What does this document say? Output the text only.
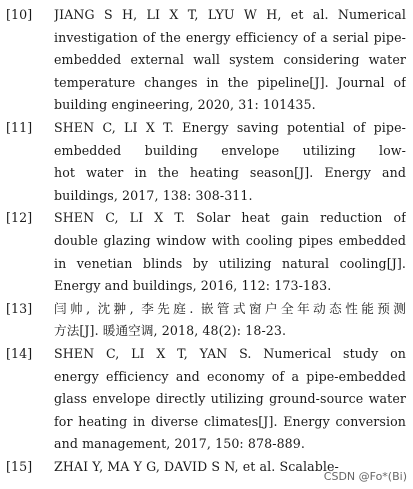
[10] JIANG S H, LI X T, LYU W H, et al. Numerical
investigation of the energy efficiency of a serial pipe-
embedded external wall system considering water
temperature changes in the pipeline[J]. Journal of
building engineering, 2020, 31: 101435.
[11] SHEN C, LI X T. Energy saving potential of pipe-
embedded building envelope utilizing low-
hot water in the heating season[J]. Energy and
buildings, 2017, 138: 308-311.
[12] SHEN C, LI X T. Solar heat gain reduction of
double glazing window with cooling pipes embedded
in venetian blinds by utilizing natural cooling[J].
Energy and buildings, 2016, 112: 173-183.
[13] 闫帅, 沈翀, 李先庭. 嵌管式窗户全年动态性能预测
方法[J]. 暖通空调, 2018, 48(2): 18-23.
[14] SHEN C, LI X T, YAN S. Numerical study on
energy efficiency and economy of a pipe-embedded
glass envelope directly utilizing ground-source water
for heating in diverse climates[J]. Energy conversion
and management, 2017, 150: 878-889.
[15] ZHAI Y, MA Y G, DAVID S N, et al. Scalable-
CSDN @Fo*(Bi)
